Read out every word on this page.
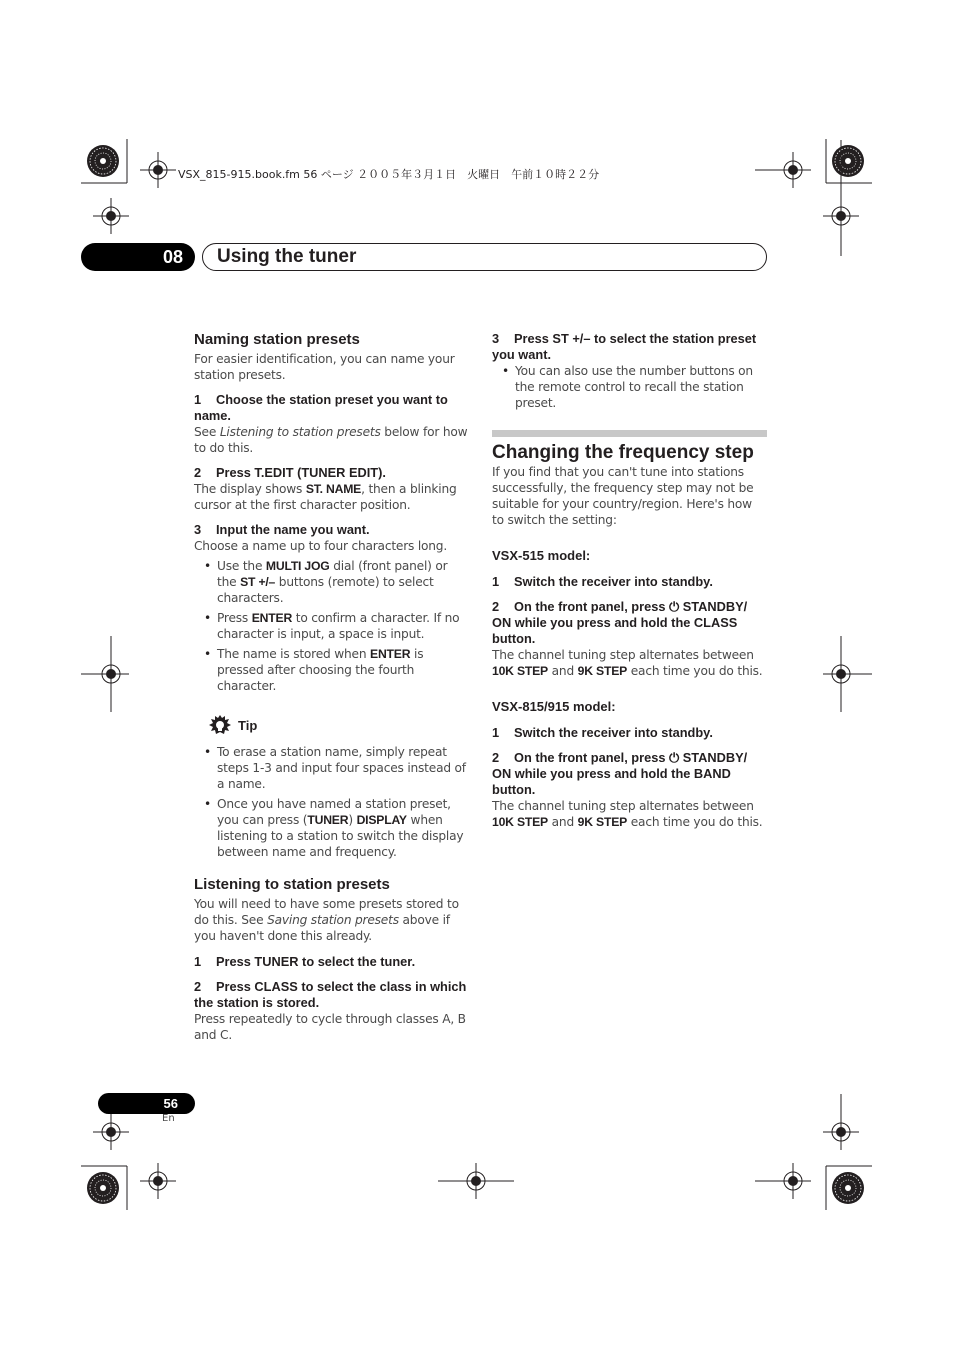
VSX_815-915.book.fm 56 ページ ２００５年３月１日　火曜日　午前１０時２２分
08	Using the tuner
Naming station presets

For easier identification, you can name your station presets.

1 Choose the station preset you want to name.

See Listening to station presets below for how to do this.

2 Press T.EDIT (TUNER EDIT).

The display shows ST. NAME, then a blinking cursor at the first character position.

3 Input the name you want.

Choose a name up to four characters long.

• Use the MULTI JOG dial (front panel) or the ST +/– buttons (remote) to select characters.
• Press ENTER to confirm a character. If no character is input, a space is input.
• The name is stored when ENTER is pressed after choosing the fourth character.
Tip
• To erase a station name, simply repeat steps 1-3 and input four spaces instead of a name.
• Once you have named a station preset, you can press (TUNER) DISPLAY when listening to a station to switch the display between name and frequency.
Listening to station presets

You will need to have some presets stored to do this. See Saving station presets above if you haven't done this already.

1 Press TUNER to select the tuner.

2 Press CLASS to select the class in which the station is stored.

Press repeatedly to cycle through classes A, B and C.

3 Press ST +/– to select the station preset you want.

• You can also use the number buttons on the remote control to recall the station preset.
Changing the frequency step

If you find that you can't tune into stations successfully, the frequency step may not be suitable for your country/region. Here's how to switch the setting:

VSX-515 model:

1 Switch the receiver into standby.

2 On the front panel, press ⏻ STANDBY/ ON while you press and hold the CLASS button.

The channel tuning step alternates between 10K STEP and 9K STEP each time you do this.

VSX-815/915 model:

1 Switch the receiver into standby.

2 On the front panel, press ⏻ STANDBY/ ON while you press and hold the BAND button.

The channel tuning step alternates between 10K STEP and 9K STEP each time you do this.

56
En
